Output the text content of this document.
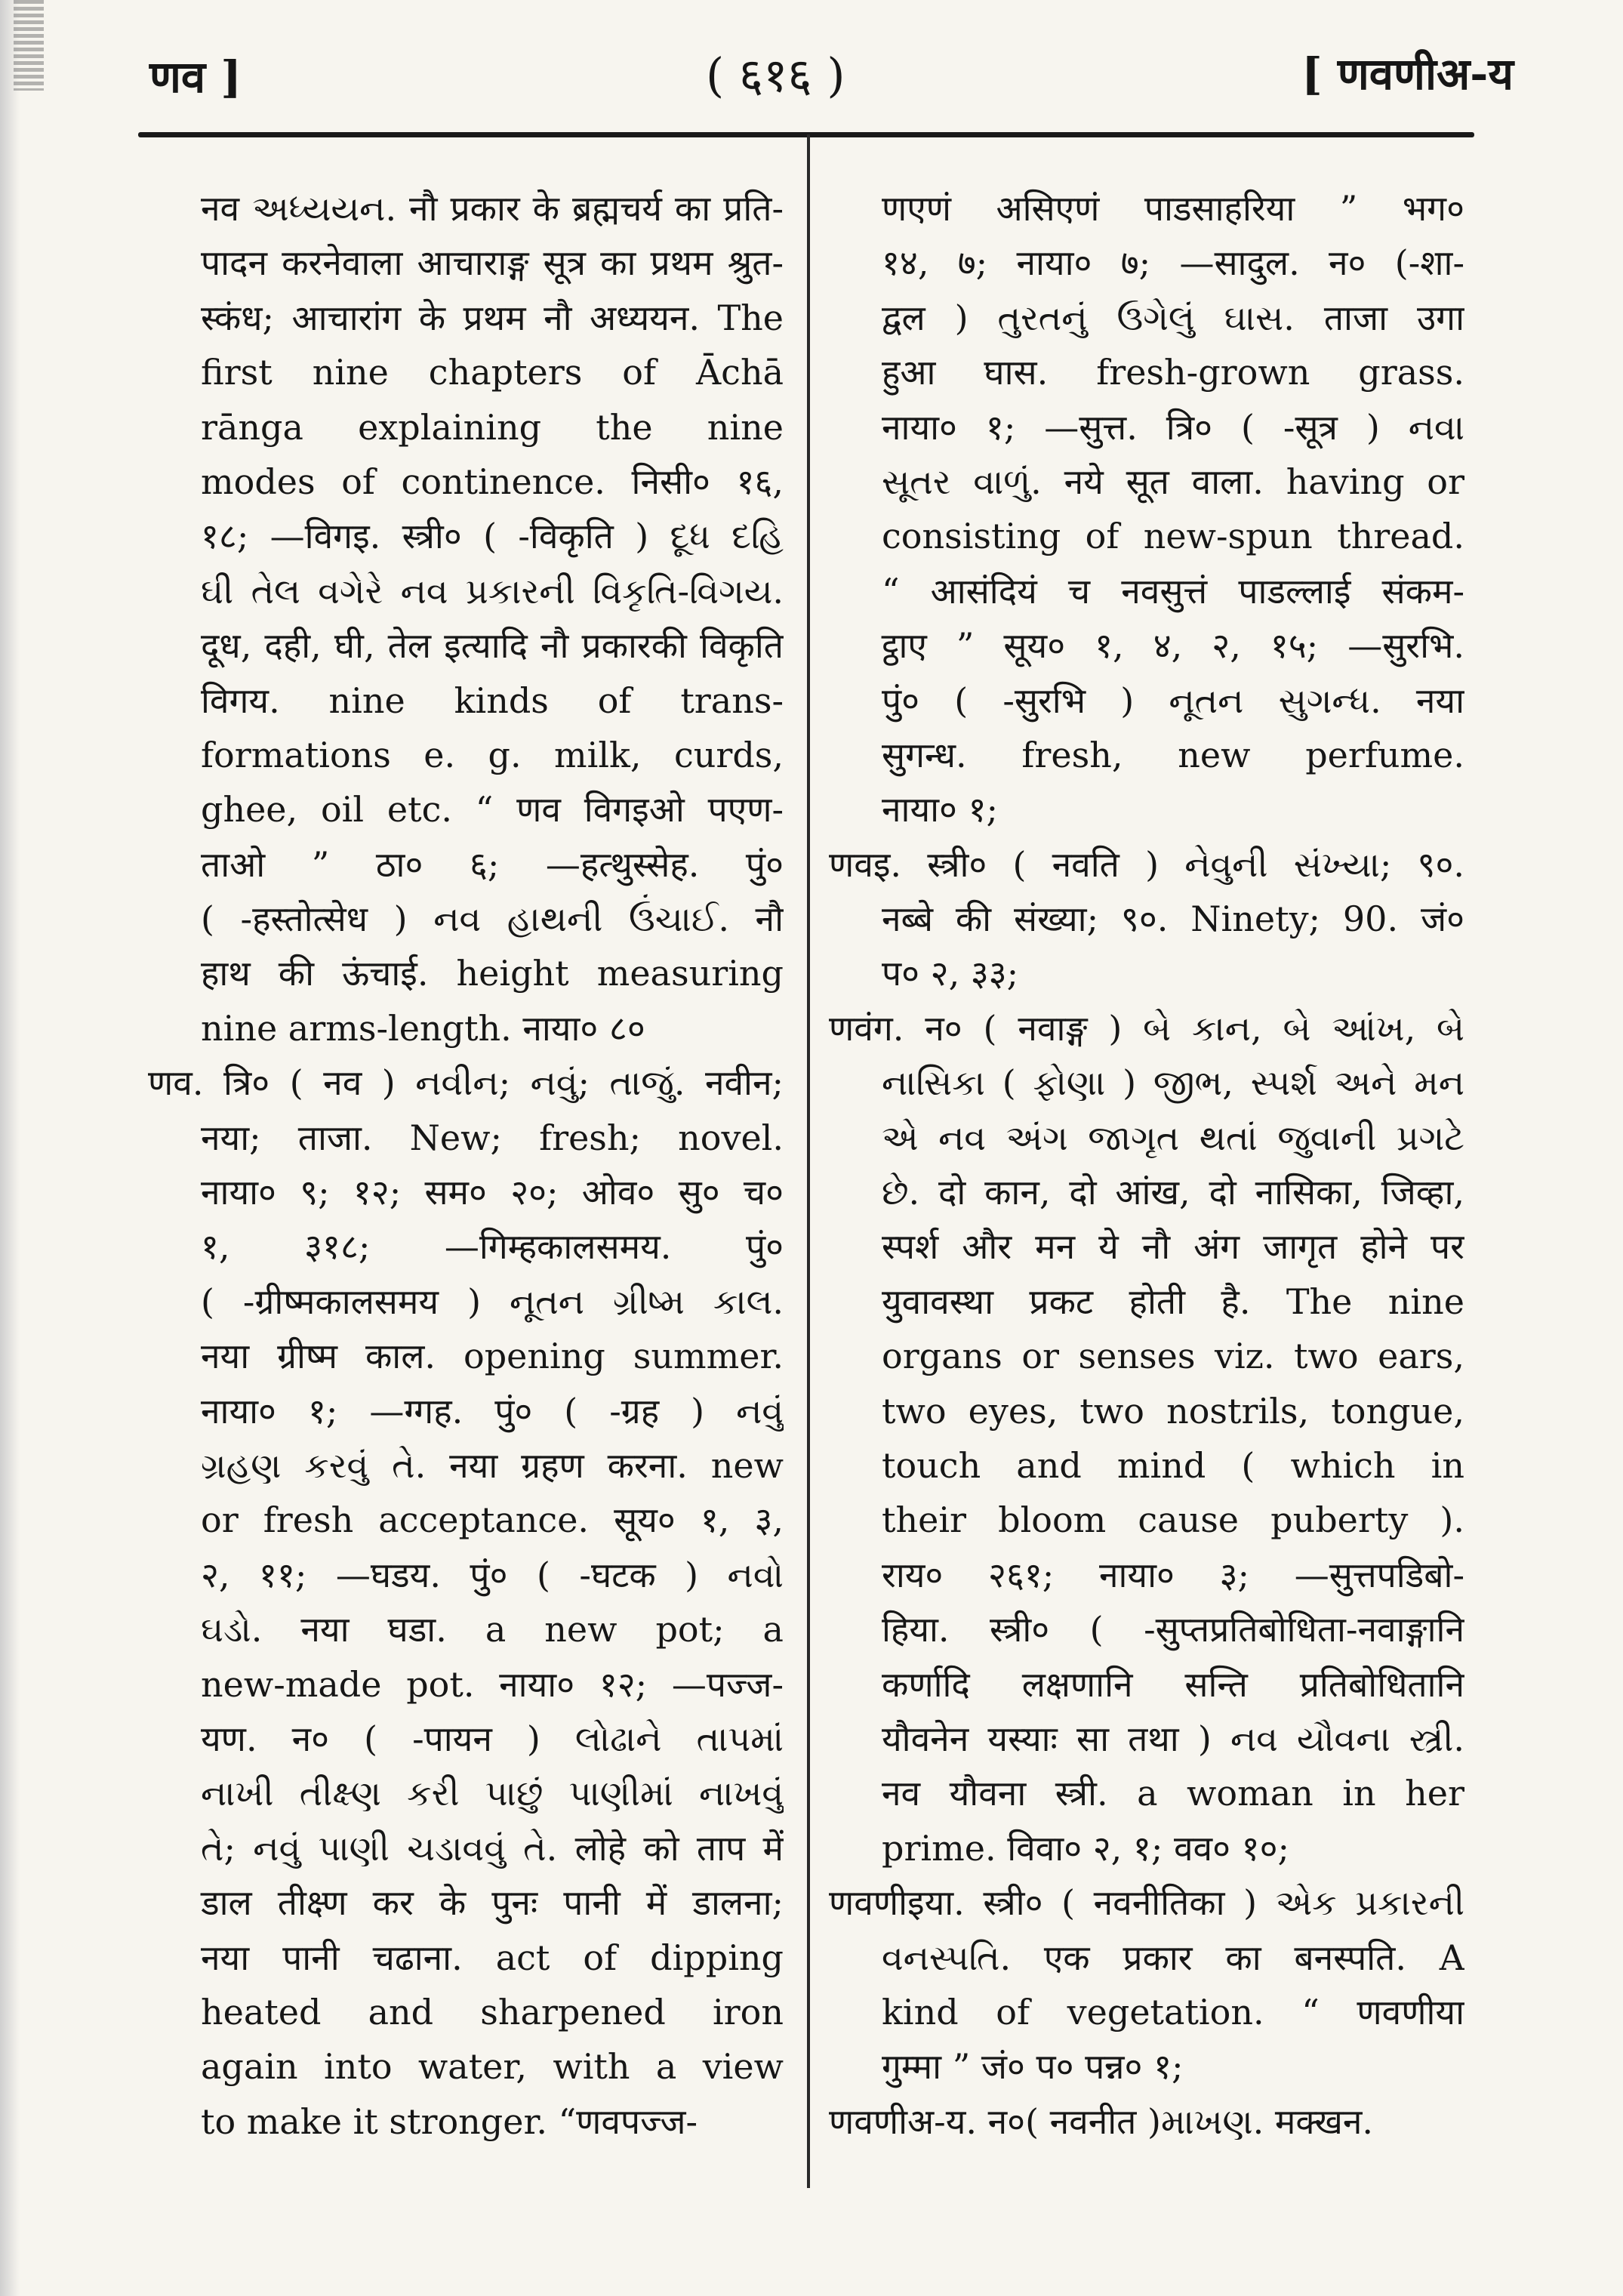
णव ]	( ६१६ )	[ णवणीअ-य
नव અધ્યયન. नौ प्रकार के ब्रह्मचर्य का प्रति-
पादन करनेवाला आचाराङ्ग सूत्र का प्रथम श्रुत-
स्कंध; आचारांग के प्रथम नौ अध्ययन. The
first nine chapters of Āchā
rānga explaining the nine
modes of continence. निसी० १६,
१८; —विगइ. स्त्री० ( -विकृति ) દૂધ દહિ
ઘી તેલ વગેરે નવ પ્રકારની વિકૃતિ-વિગય.
दूध, दही, घी, तेल इत्यादि नौ प्रकारकी विकृति
विगय. nine kinds of trans-
formations e. g. milk, curds,
ghee, oil etc. “ णव विगइओ पएण-
ताओ ” ठा० ६; —हत्थुस्सेह. पुं०
( -हस्तोत्सेध ) નવ હાથની ઉંચાઈ. नौ
हाथ की ऊंचाई. height measuring
nine arms-length. नाया० ८०
णव. त्रि० ( नव ) નવીન; નવું; તાજું. नवीन;
नया; ताजा. New; fresh; novel.
नाया० ९; १२; सम० २०; ओव० सु० च०
१, ३१८; —गिम्हकालसमय. पुं०
( -ग्रीष्मकालसमय ) નૂતન ગ્રીષ્મ કાલ.
नया ग्रीष्म काल. opening summer.
नाया० १; —ग्गह. पुं० ( -ग्रह ) નવું
ગ્રહણ કરવું તે. नया ग्रहण करना. new
or fresh acceptance. सूय० १, ३,
२, ११; —घडय. पुं० ( -घटक ) નવો
ઘડો. नया घडा. a new pot; a
new-made pot. नाया० १२; —पज्ज-
यण. न० ( -पायन ) લોઢાને તાપમાં
નાખી તીક્ષ્ણ કરી પાછું પાણીમાં નાખવું
તે; નવું પાણી ચડાવવું તે. लोहे को ताप में
डाल तीक्ष्ण कर के पुनः पानी में डालना;
नया पानी चढाना. act of dipping
heated and sharpened iron
again into water, with a view
to make it stronger. “णवपज्ज-
णएणं असिएणं पाडसाहरिया ” भग०
१४, ७; नाया० ७; —सादुल. न० (-शा-
द्वल ) તુરતનું ઉગેલું ઘાસ. ताजा उगा
हुआ घास. fresh-grown grass.
नाया० १; —सुत्त. त्रि० ( -सूत्र ) નવા
સૂતર વાળું. नये सूत वाला. having or
consisting of new-spun thread.
“ आसंदियं च नवसुत्तं पाडल्लाई संकम-
ट्ठाए ” सूय० १, ४, २, १५; —सुरभि.
पुं० ( -सुरभि ) નૂતન સુગન્ધ. नया
सुगन्ध. fresh, new perfume.
नाया० १;
णवइ. स्त्री० ( नवति ) નેવુની સંખ્યા; ९०.
नब्बे की संख्या; ९०. Ninety; 90. जं०
प० २, ३३;
णवंग. न० ( नवाङ्ग ) બે કાન, બે આંખ, બે
નાસિકા ( ફોણા ) જીભ, સ્પર્શ અને મન
એ નવ અંગ જાગૃત થતાં જુવાની પ્રગટે
છે. दो कान, दो आंख, दो नासिका, जिव्हा,
स्पर्श और मन ये नौ अंग जागृत होने पर
युवावस्था प्रकट होती है. The nine
organs or senses viz. two ears,
two eyes, two nostrils, tongue,
touch and mind ( which in
their bloom cause puberty ).
राय० २६१; नाया० ३; —सुत्तपडिबो-
हिया. स्त्री० ( -सुप्तप्रतिबोधिता-नवाङ्गानि
कर्णादि लक्षणानि सन्ति प्रतिबोधितानि
यौवनेन यस्याः सा तथा ) નવ યૌવના સ્ત્રી.
नव यौवना स्त्री. a woman in her
prime. विवा० २, १; वव० १०;
णवणीइया. स्त्री० ( नवनीतिका ) એક પ્રકારની
વનસ્પતિ. एक प्रकार का बनस्पति. A
kind of vegetation. “ णवणीया
गुम्मा ” जं० प० पन्न० १;
णवणीअ-य. न०( नवनीत )માખણ. मक्खन.
